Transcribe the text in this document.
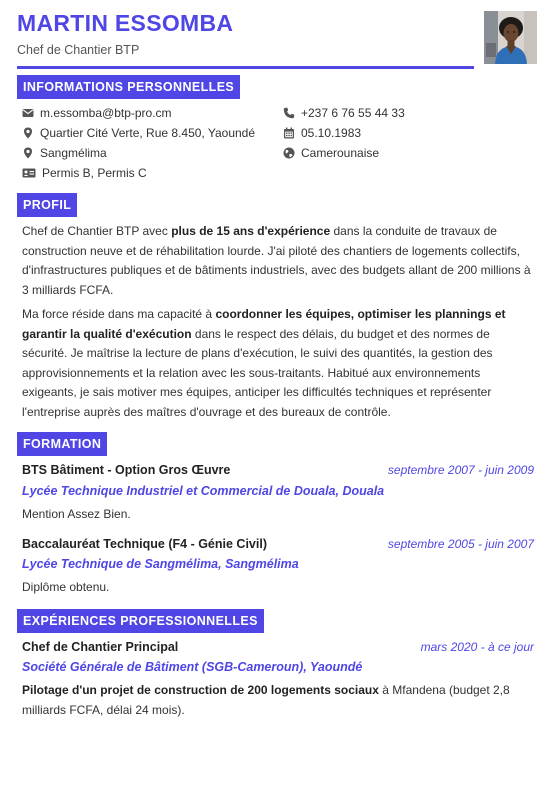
MARTIN ESSOMBA
Chef de Chantier BTP
INFORMATIONS PERSONNELLES
m.essomba@btp-pro.cm	+237 6 76 55 44 33
Quartier Cité Verte, Rue 8.450, Yaoundé	05.10.1983
Sangmélima	Camerounaise
Permis B, Permis C
PROFIL

Chef de Chantier BTP avec plus de 15 ans d'expérience dans la conduite de travaux de construction neuve et de réhabilitation lourde. J'ai piloté des chantiers de logements collectifs, d'infrastructures publiques et de bâtiments industriels, avec des budgets allant de 200 millions à 3 milliards FCFA.

Ma force réside dans ma capacité à coordonner les équipes, optimiser les plannings et garantir la qualité d'exécution dans le respect des délais, du budget et des normes de sécurité. Je maîtrise la lecture de plans d'exécution, le suivi des quantités, la gestion des approvisionnements et la relation avec les sous-traitants. Habitué aux environnements exigeants, je sais motiver mes équipes, anticiper les difficultés techniques et représenter l'entreprise auprès des maîtres d'ouvrage et des bureaux de contrôle.

FORMATION
BTS Bâtiment - Option Gros Œuvre	septembre 2007 - juin 2009
Lycée Technique Industriel et Commercial de Douala, Douala
Mention Assez Bien.
Baccalauréat Technique (F4 - Génie Civil)	septembre 2005 - juin 2007
Lycée Technique de Sangmélima, Sangmélima
Diplôme obtenu.
EXPÉRIENCES PROFESSIONNELLES
Chef de Chantier Principal	mars 2020 - à ce jour
Société Générale de Bâtiment (SGB-Cameroun), Yaoundé

Pilotage d'un projet de construction de 200 logements sociaux à Mfandena (budget 2,8 milliards FCFA, délai 24 mois).
